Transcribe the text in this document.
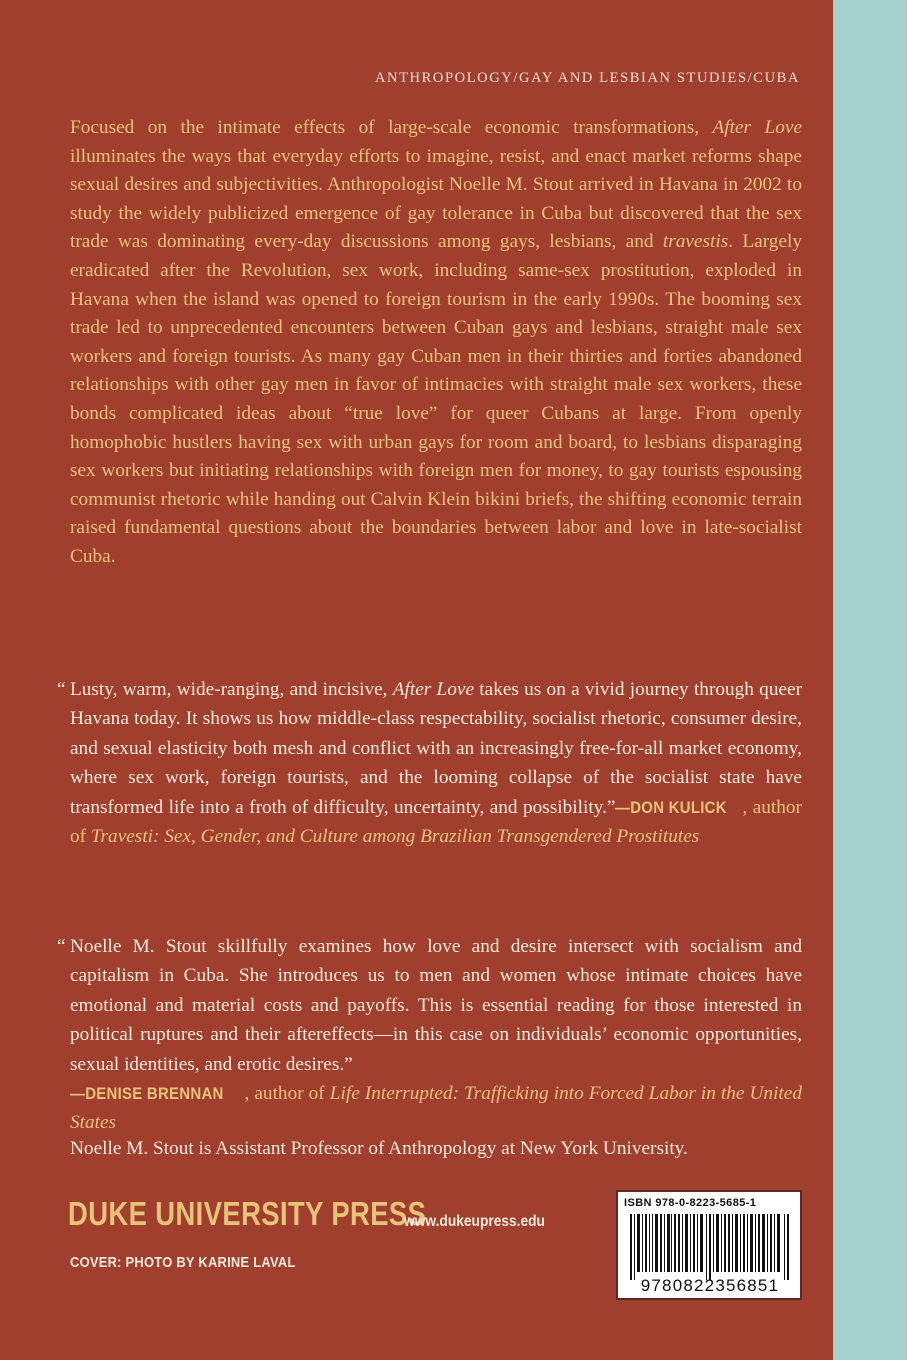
ANTHROPOLOGY/GAY AND LESBIAN STUDIES/CUBA

Focused on the intimate effects of large-scale economic transformations, After Love illuminates the ways that everyday efforts to imagine, resist, and enact market reforms shape sexual desires and subjectivities. Anthropologist Noelle M. Stout arrived in Havana in 2002 to study the widely publicized emergence of gay tolerance in Cuba but discovered that the sex trade was dominating every-day discussions among gays, lesbians, and travestis. Largely eradicated after the Revolution, sex work, including same-sex prostitution, exploded in Havana when the island was opened to foreign tourism in the early 1990s. The booming sex trade led to unprecedented encounters between Cuban gays and lesbians, straight male sex workers and foreign tourists. As many gay Cuban men in their thirties and forties abandoned relationships with other gay men in favor of intimacies with straight male sex workers, these bonds complicated ideas about “true love” for queer Cubans at large. From openly homophobic hustlers having sex with urban gays for room and board, to lesbians disparaging sex workers but initiating relationships with foreign men for money, to gay tourists espousing communist rhetoric while handing out Calvin Klein bikini briefs, the shifting economic terrain raised fundamental questions about the boundaries between labor and love in late-socialist Cuba.

“ Lusty, warm, wide-ranging, and incisive, After Love takes us on a vivid journey through queer Havana today. It shows us how middle-class respectability, socialist rhetoric, consumer desire, and sexual elasticity both mesh and conflict with an increasingly free-for-all market economy, where sex work, foreign tourists, and the looming collapse of the socialist state have transformed life into a froth of difficulty, uncertainty, and possibility.”—DON KULICK , author of Travesti: Sex, Gender, and Culture among Brazilian Transgendered Prostitutes

“ Noelle M. Stout skillfully examines how love and desire intersect with socialism and capitalism in Cuba. She introduces us to men and women whose intimate choices have emotional and material costs and payoffs. This is essential reading for those interested in political ruptures and their aftereffects—in this case on individuals’ economic opportunities, sexual identities, and erotic desires.”
—DENISE BRENNAN , author of Life Interrupted: Trafficking into Forced Labor in the United States

Noelle M. Stout is Assistant Professor of Anthropology at New York University.

DUKE UNIVERSITY PRESS
www.dukeupress.edu
COVER: PHOTO BY KARINE LAVAL
ISBN 978-0-8223-5685-1
9780822356851
